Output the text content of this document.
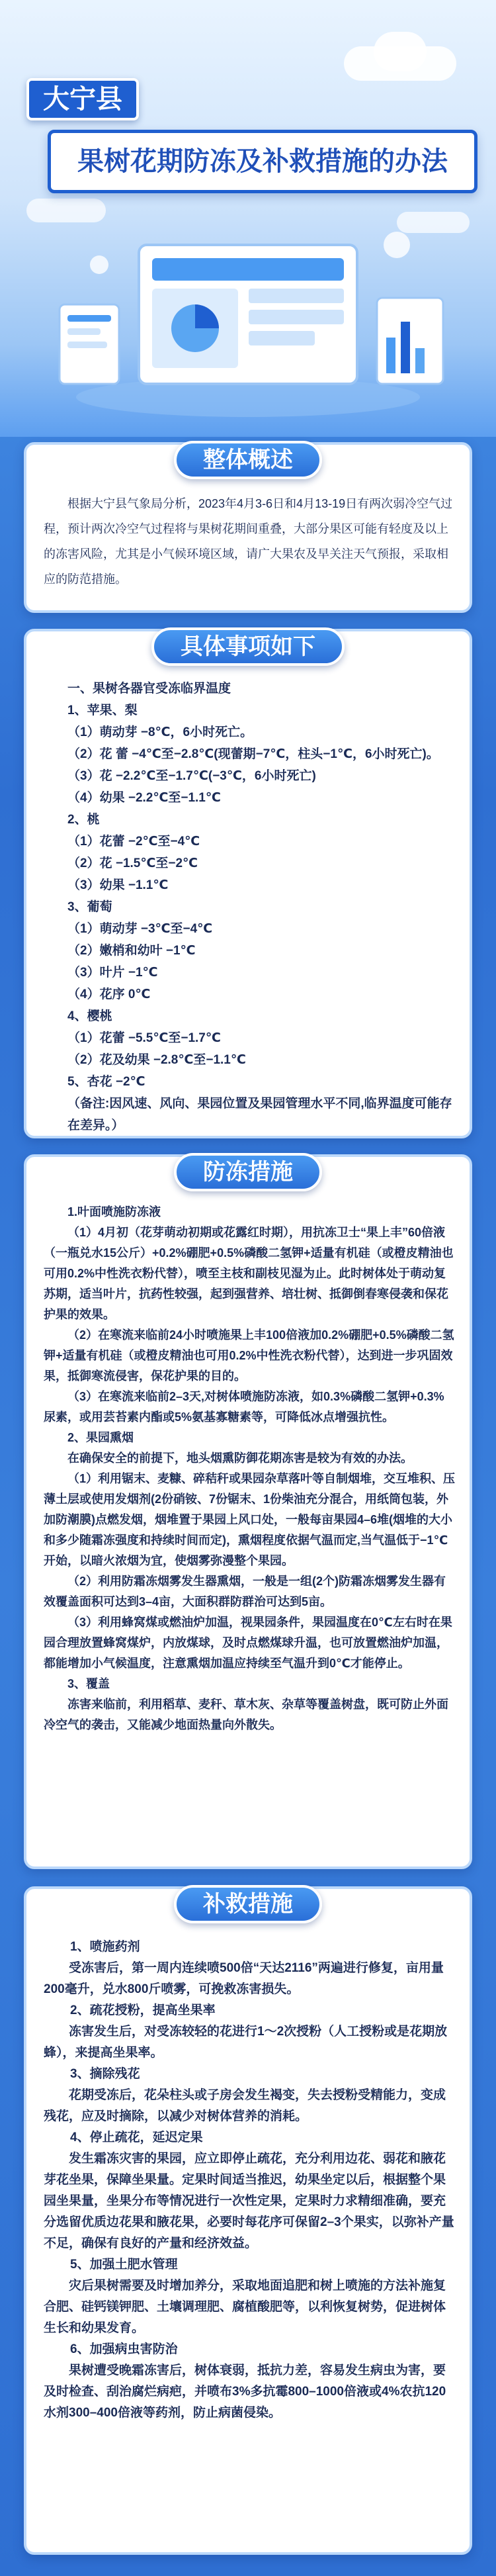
大宁县
果树花期防冻及补救措施的办法
整体概述

根据大宁县气象局分析，2023年4月3-6日和4月13-19日有两次弱冷空气过程，预计两次冷空气过程将与果树花期间重叠，大部分果区可能有轻度及以上的冻害风险，尤其是小气候环境区域，请广大果农及早关注天气预报，采取相应的防范措施。

具体事项如下

一、果树各器官受冻临界温度

1、苹果、梨

（1）萌动芽 −8℃，6小时死亡。

（2）花 蕾 −4℃至−2.8℃(现蕾期−7℃，柱头−1℃，6小时死亡)。

（3）花 −2.2℃至−1.7℃(−3℃，6小时死亡)

（4）幼果 −2.2℃至−1.1℃

2、桃

（1）花蕾 −2℃至−4℃

（2）花 −1.5℃至−2℃

（3）幼果 −1.1℃

3、葡萄

（1）萌动芽 −3℃至−4℃

（2）嫩梢和幼叶 −1℃

（3）叶片 −1℃

（4）花序 0℃

4、樱桃

（1）花蕾 −5.5℃至−1.7℃

（2）花及幼果 −2.8℃至−1.1℃

5、杏花 −2℃

（备注:因风速、风向、果园位置及果园管理水平不同,临界温度可能存在差异。）

防冻措施

1.叶面喷施防冻液

（1）4月初（花芽萌动初期或花露红时期），用抗冻卫士“果上丰”60倍液（一瓶兑水15公斤）+0.2%硼肥+0.5%磷酸二氢钾+适量有机硅（或橙皮精油也可用0.2%中性洗衣粉代替），喷至主枝和副枝见湿为止。此时树体处于萌动复苏期，适当叶片，抗药性较强，起到强营养、培壮树、抵御倒春寒侵袭和保花护果的效果。

（2）在寒流来临前24小时喷施果上丰100倍液加0.2%硼肥+0.5%磷酸二氢钾+适量有机硅（或橙皮精油也可用0.2%中性洗衣粉代替），达到进一步巩固效果，抵御寒流侵害，保花护果的目的。

（3）在寒流来临前2–3天,对树体喷施防冻液，如0.3%磷酸二氢钾+0.3%尿素，或用芸苔素内酯或5%氨基寡糖素等，可降低冰点增强抗性。

2、果园熏烟

在确保安全的前提下，地头烟熏防御花期冻害是较为有效的办法。

（1）利用锯末、麦糠、碎秸秆或果园杂草落叶等自制烟堆，交互堆积、压薄土层或使用发烟剂(2份硝铵、7份锯末、1份柴油充分混合，用纸筒包装，外加防潮膜)点燃发烟，烟堆置于果园上风口处，一般每亩果园4–6堆(烟堆的大小和多少随霜冻强度和持续时间而定)，熏烟程度依据气温而定,当气温低于−1℃开始，以暗火浓烟为宜，使烟雾弥漫整个果园。

（2）利用防霜冻烟雾发生器熏烟，一般是一组(2个)防霜冻烟雾发生器有效覆盖面积可达到3–4亩，大面积群防群治可达到5亩。

（3）利用蜂窝煤或燃油炉加温，视果园条件，果园温度在0℃左右时在果园合理放置蜂窝煤炉，内放煤球，及时点燃煤球升温，也可放置燃油炉加温，都能增加小气候温度，注意熏烟加温应持续至气温升到0℃才能停止。

3、覆盖

冻害来临前，利用稻草、麦秆、草木灰、杂草等覆盖树盘，既可防止外面冷空气的袭击，又能减少地面热量向外散失。

补救措施

1、喷施药剂

受冻害后，第一周内连续喷500倍“天达2116”两遍进行修复，亩用量200毫升，兑水800斤喷雾，可挽救冻害损失。

2、疏花授粉，提高坐果率

冻害发生后，对受冻较轻的花进行1～2次授粉（人工授粉或是花期放蜂），来提高坐果率。

3、摘除残花

花期受冻后，花朵柱头或子房会发生褐变，失去授粉受精能力，变成残花，应及时摘除，以减少对树体营养的消耗。

4、停止疏花，延迟定果

发生霜冻灾害的果园，应立即停止疏花，充分利用边花、弱花和腋花芽花坐果，保障坐果量。定果时间适当推迟，幼果坐定以后，根据整个果园坐果量，坐果分布等情况进行一次性定果，定果时力求精细准确，要充分选留优质边花果和腋花果，必要时每花序可保留2–3个果实，以弥补产量不足，确保有良好的产量和经济效益。

5、加强土肥水管理

灾后果树需要及时增加养分，采取地面追肥和树上喷施的方法补施复合肥、硅钙镁钾肥、土壤调理肥、腐植酸肥等，以利恢复树势，促进树体生长和幼果发育。

6、加强病虫害防治

果树遭受晚霜冻害后，树体衰弱，抵抗力差，容易发生病虫为害，要及时检查、刮治腐烂病疤，并喷布3%多抗霉800–1000倍液或4%农抗120水剂300–400倍液等药剂，防止病菌侵染。
